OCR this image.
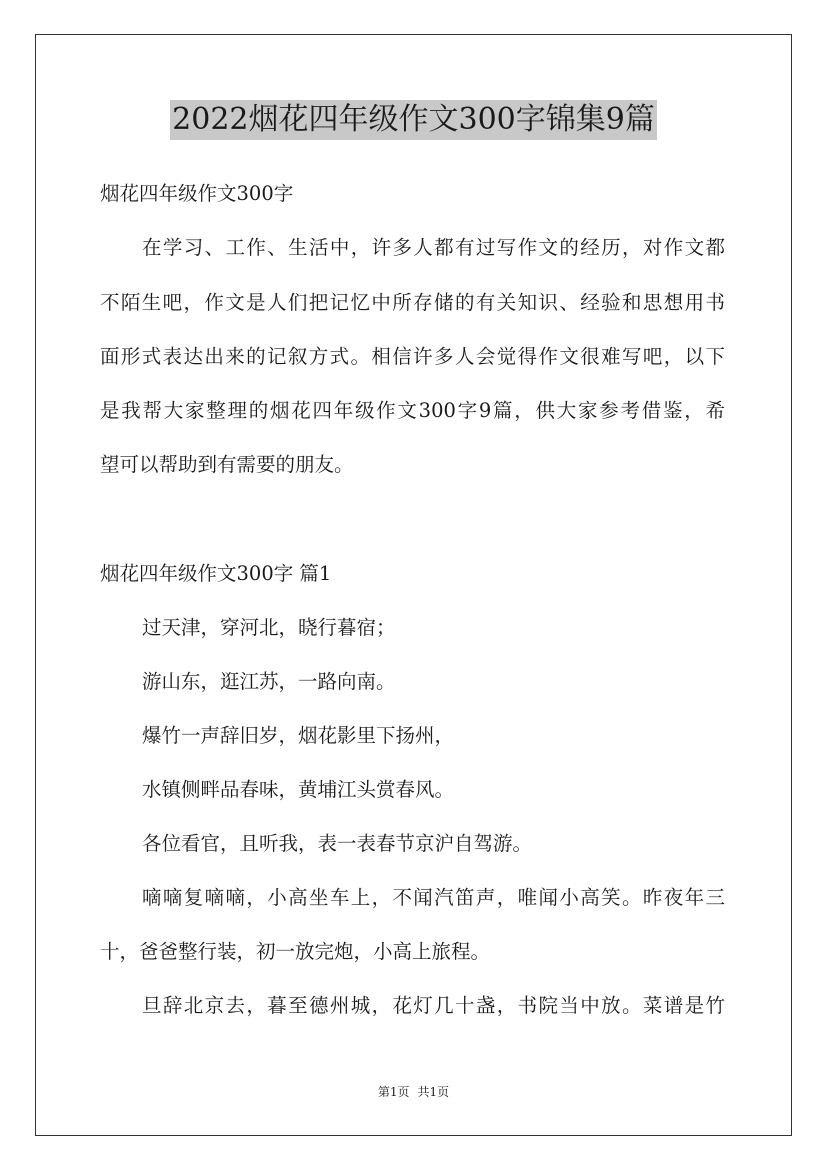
2022烟花四年级作文300字锦集9篇
烟花四年级作文300字
在学习、工作、生活中，许多人都有过写作文的经历，对作文都
不陌生吧，作文是人们把记忆中所存储的有关知识、经验和思想用书
面形式表达出来的记叙方式。相信许多人会觉得作文很难写吧，以下
是我帮大家整理的烟花四年级作文300字9篇，供大家参考借鉴，希
望可以帮助到有需要的朋友。
烟花四年级作文300字 篇1
过天津，穿河北，晓行暮宿；
游山东，逛江苏，一路向南。
爆竹一声辞旧岁，烟花影里下扬州，
水镇侧畔品春味，黄埔江头赏春风。
各位看官，且听我，表一表春节京沪自驾游。
嘀嘀复嘀嘀，小高坐车上，不闻汽笛声，唯闻小高笑。昨夜年三
十，爸爸整行装，初一放完炮，小高上旅程。
旦辞北京去，暮至德州城，花灯几十盏，书院当中放。菜谱是竹
第1页 共1页
